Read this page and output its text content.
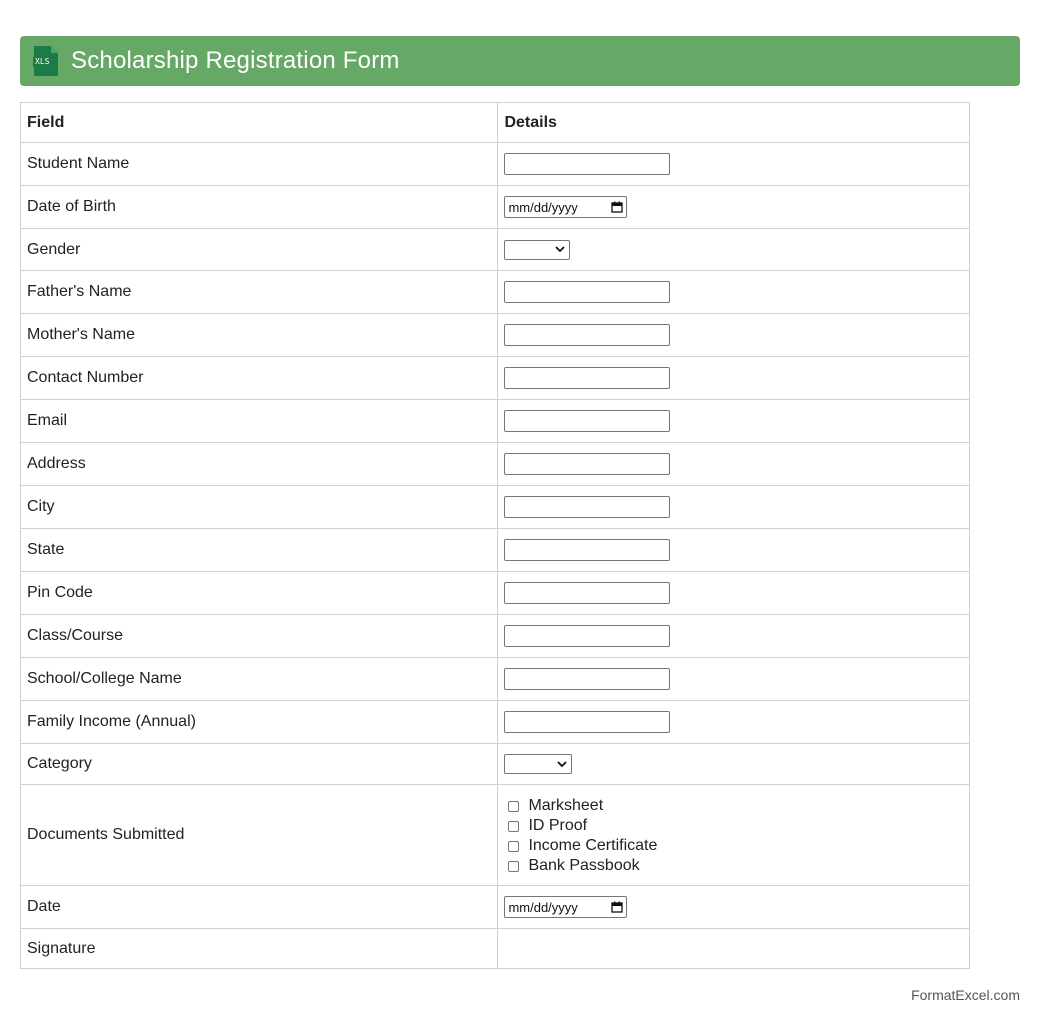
XLS Scholarship Registration Form
Field	Details
Student Name	

Date of Birth	mm/dd/yyyy

Gender	

Father's Name	

Mother's Name	

Contact Number	

Email	

Address	

City	

State	

Pin Code	

Class/Course	

School/College Name	

Family Income (Annual)	

Category	

Documents Submitted	Marksheet
ID Proof
Income Certificate
Bank Passbook

Date	mm/dd/yyyy

Signature	
FormatExcel.com
